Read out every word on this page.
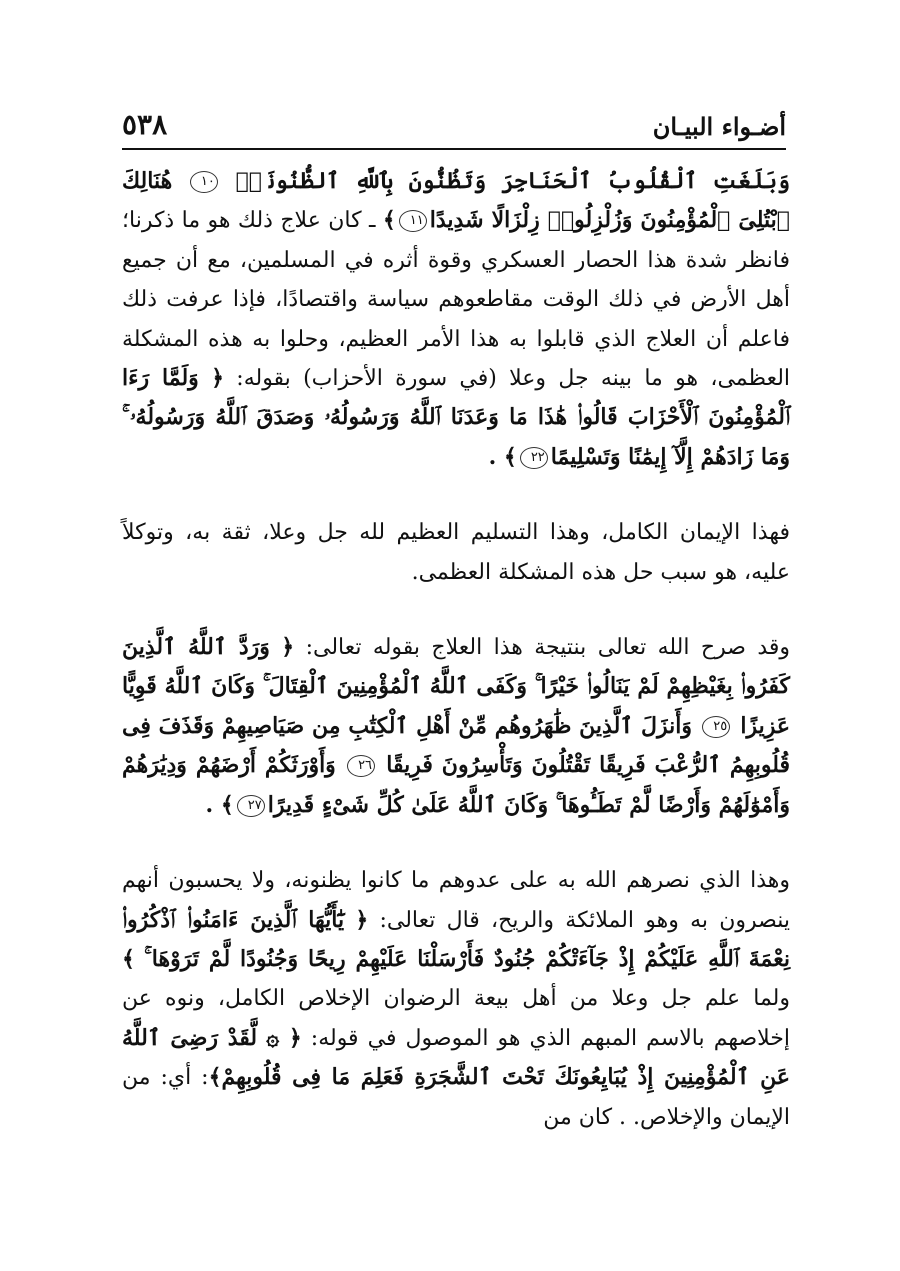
٥٣٨	أضـواء البيـان

وَبَلَغَتِ ٱلْقُلُوبُ ٱلْحَنَاجِرَ وَتَظُنُّونَ بِٱللَّهِ ٱلظُّنُونَا۠ ١٠ هُنَالِكَ ٱبْتُلِىَ ٱلْمُؤْمِنُونَ وَزُلْزِلُوا۟ زِلْزَالًا شَدِيدًا١١﴾ ـ كان علاج ذلك هو ما ذكرنا؛ فانظر شدة هذا الحصار العسكري وقوة أثره في المسلمين، مع أن جميع أهل الأرض في ذلك الوقت مقاطعوهم سياسة واقتصادًا، فإذا عرفت ذلك فاعلم أن العلاج الذي قابلوا به هذا الأمر العظيم، وحلوا به هذه المشكلة العظمى، هو ما بينه جل وعلا (في سورة الأحزاب) بقوله: ﴿ وَلَمَّا رَءَا ٱلْمُؤْمِنُونَ ٱلْأَحْزَابَ قَالُوا۟ هَٰذَا مَا وَعَدَنَا ٱللَّهُ وَرَسُولُهُۥ وَصَدَقَ ٱللَّهُ وَرَسُولُهُۥ ۚ وَمَا زَادَهُمْ إِلَّآ إِيمَٰنًا وَتَسْلِيمًا٢٢﴾ .

فهذا الإيمان الكامل، وهذا التسليم العظيم لله جل وعلا، ثقة به، وتوكلاً عليه، هو سبب حل هذه المشكلة العظمى.

وقد صرح الله تعالى بنتيجة هذا العلاج بقوله تعالى: ﴿ وَرَدَّ ٱللَّهُ ٱلَّذِينَ كَفَرُوا۟ بِغَيْظِهِمْ لَمْ يَنَالُوا۟ خَيْرًا ۚ وَكَفَى ٱللَّهُ ٱلْمُؤْمِنِينَ ٱلْقِتَالَ ۚ وَكَانَ ٱللَّهُ قَوِيًّا عَزِيزًا ٢٥ وَأَنزَلَ ٱلَّذِينَ ظَٰهَرُوهُم مِّنْ أَهْلِ ٱلْكِتَٰبِ مِن صَيَاصِيهِمْ وَقَذَفَ فِى قُلُوبِهِمُ ٱلرُّعْبَ فَرِيقًا تَقْتُلُونَ وَتَأْسِرُونَ فَرِيقًا ٢٦ وَأَوْرَثَكُمْ أَرْضَهُمْ وَدِيَٰرَهُمْ وَأَمْوَٰلَهُمْ وَأَرْضًا لَّمْ تَطَـُٔوهَا ۚ وَكَانَ ٱللَّهُ عَلَىٰ كُلِّ شَىْءٍ قَدِيرًا٢٧﴾ .

وهذا الذي نصرهم الله به على عدوهم ما كانوا يظنونه، ولا يحسبون أنهم ينصرون به وهو الملائكة والريح، قال تعالى: ﴿ يَٰٓأَيُّهَا ٱلَّذِينَ ءَامَنُوا۟ ٱذْكُرُوا۟ نِعْمَةَ ٱللَّهِ عَلَيْكُمْ إِذْ جَآءَتْكُمْ جُنُودٌ فَأَرْسَلْنَا عَلَيْهِمْ رِيحًا وَجُنُودًا لَّمْ تَرَوْهَا ۚ ﴾ ولما علم جل وعلا من أهل بيعة الرضوان الإخلاص الكامل، ونوه عن إخلاصهم بالاسم المبهم الذي هو الموصول في قوله: ﴿ ۞ لَّقَدْ رَضِىَ ٱللَّهُ عَنِ ٱلْمُؤْمِنِينَ إِذْ يُبَايِعُونَكَ تَحْتَ ٱلشَّجَرَةِ فَعَلِمَ مَا فِى قُلُوبِهِمْ﴾: أي: من الإيمان والإخلاص. . كان من
